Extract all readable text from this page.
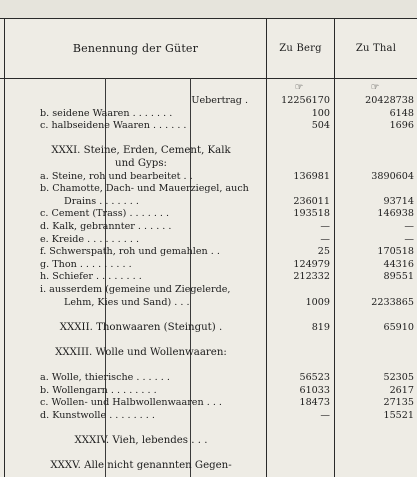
Benennung der Güter	Zu Berg	Zu Thal
☞	☞
Uebertrag .	12256170	20428738
b. seidene Waaren . . . . . . .	100	6148
c. halbseidene Waaren . . . . . .	504	1696
XXXI. Steine, Erden, Cement, Kalk
und Gyps:
a. Steine, roh und bearbeitet . .	136981	3890604
b. Chamotte, Dach- und Mauerziegel, auch
Drains . . . . . . .	236011	93714
c. Cement (Trass) . . . . . . .	193518	146938
d. Kalk, gebrannter . . . . . .	—	—
e. Kreide . . . . . . . . .	—	—
f. Schwerspath, roh und gemahlen . .	25	170518
g. Thon . . . . . . . . .	124979	44316
h. Schiefer . . . . . . . .	212332	89551
i. ausserdem (gemeine und Ziegelerde,
Lehm, Kies und Sand) . . .	1009	2233865
XXXII. Thonwaaren (Steingut) .	819	65910
XXXIII. Wolle und Wollenwaaren:
a. Wolle, thierische . . . . . .	56523	52305
b. Wollengarn . . . . . . . .	61033	2617
c. Wollen- und Halbwollenwaaren . . .	18473	27135
d. Kunstwolle . . . . . . . .	—	15521
XXXIV. Vieh, lebendes . . .
XXXV. Alle nicht genannten Gegen-
